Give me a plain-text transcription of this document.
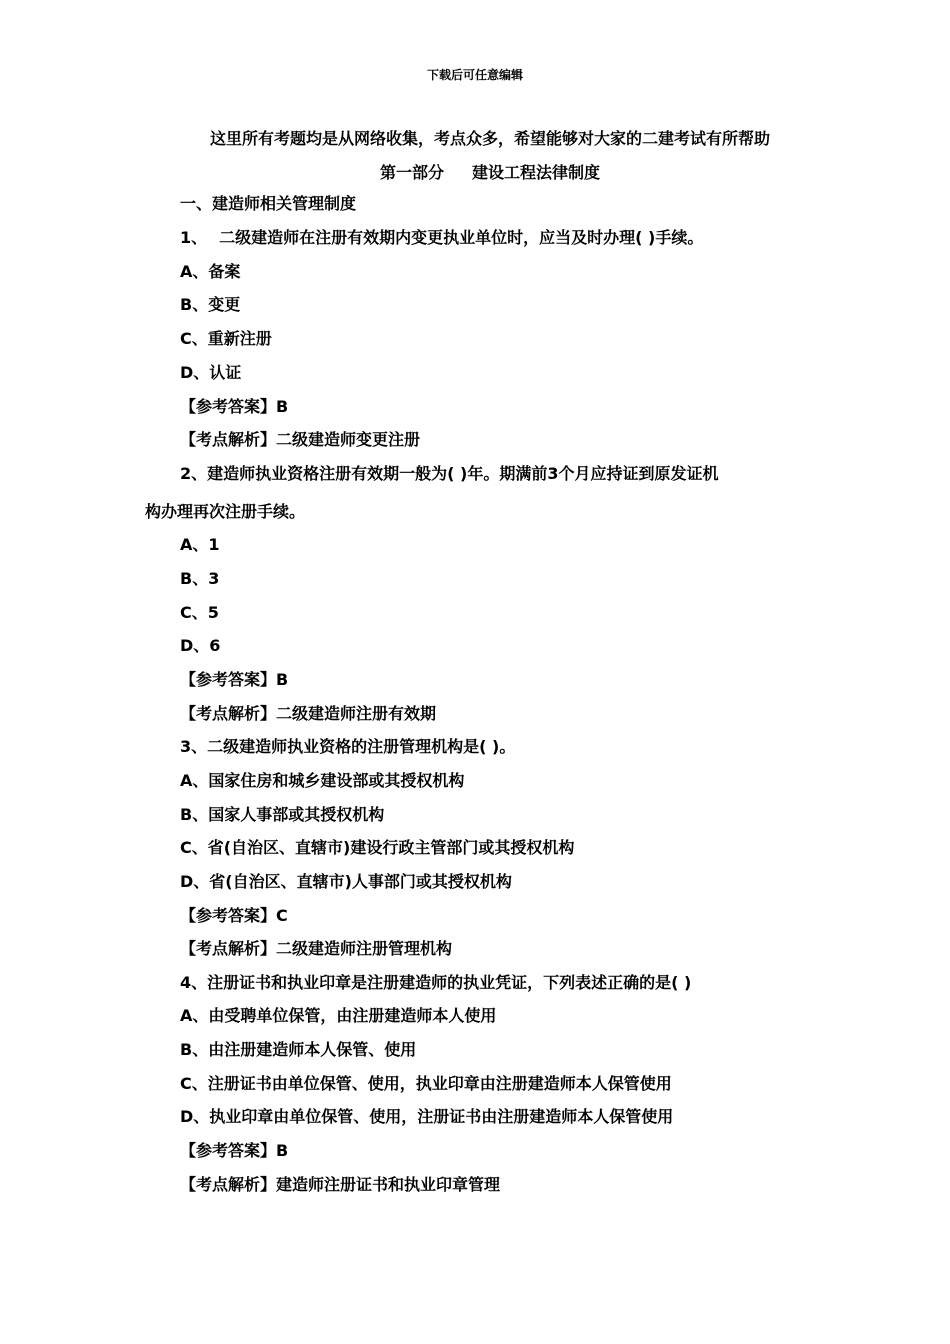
下载后可任意编辑
这里所有考题均是从网络收集，考点众多，希望能够对大家的二建考试有所帮助
第一部分 建设工程法律制度
一、建造师相关管理制度
1、 二级建造师在注册有效期内变更执业单位时，应当及时办理( )手续。
A、备案
B、变更
C、重新注册
D、认证
【参考答案】B
【考点解析】二级建造师变更注册
2、建造师执业资格注册有效期一般为( )年。期满前3个月应持证到原发证机
构办理再次注册手续。
A、1
B、3
C、5
D、6
【参考答案】B
【考点解析】二级建造师注册有效期
3、二级建造师执业资格的注册管理机构是( )。
A、国家住房和城乡建设部或其授权机构
B、国家人事部或其授权机构
C、省(自治区、直辖市)建设行政主管部门或其授权机构
D、省(自治区、直辖市)人事部门或其授权机构
【参考答案】C
【考点解析】二级建造师注册管理机构
4、注册证书和执业印章是注册建造师的执业凭证，下列表述正确的是( )
A、由受聘单位保管，由注册建造师本人使用
B、由注册建造师本人保管、使用
C、注册证书由单位保管、使用，执业印章由注册建造师本人保管使用
D、执业印章由单位保管、使用，注册证书由注册建造师本人保管使用
【参考答案】B
【考点解析】建造师注册证书和执业印章管理
